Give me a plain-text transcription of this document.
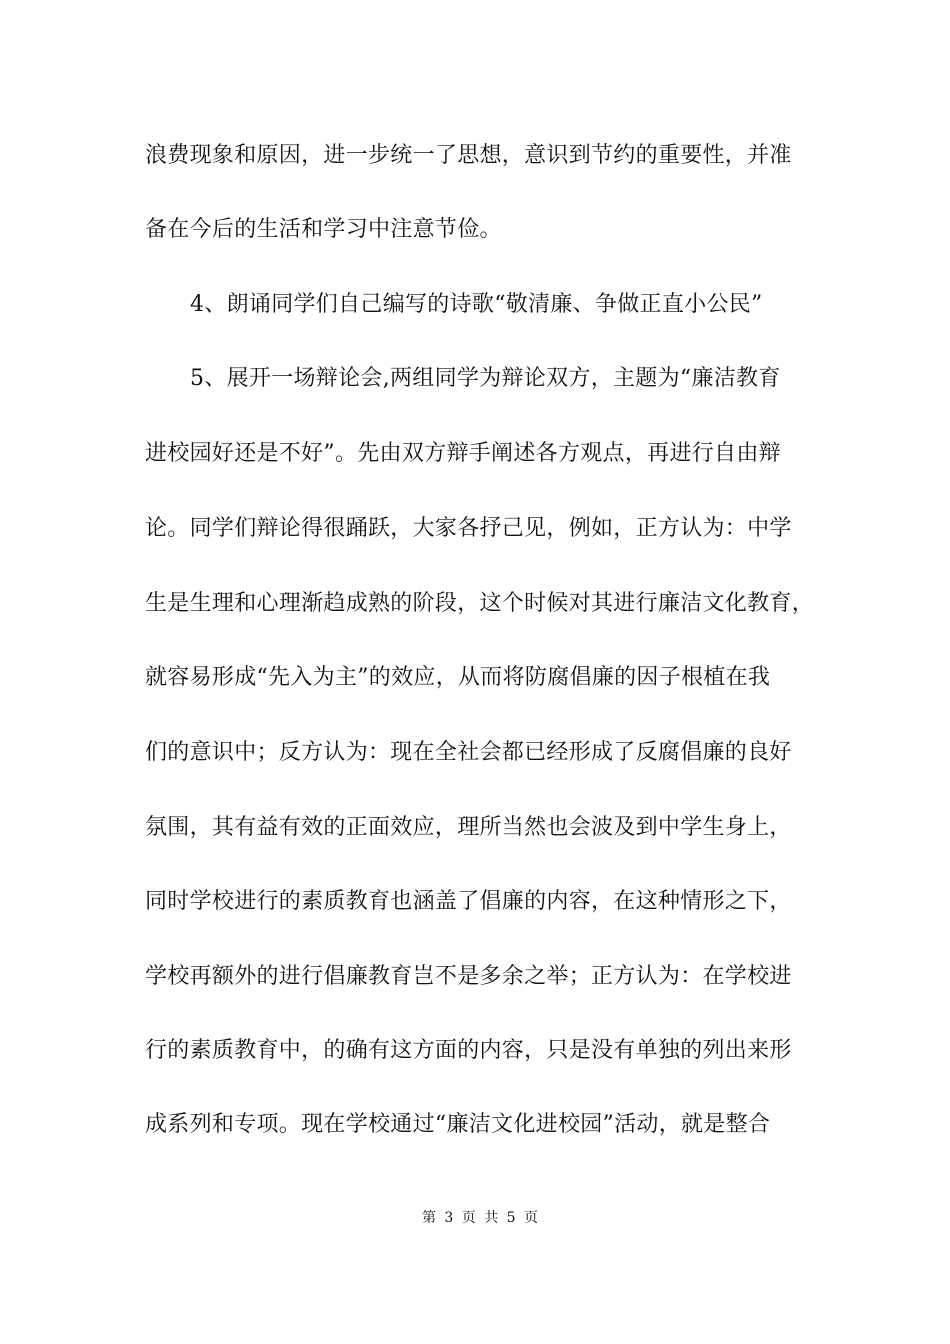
浪费现象和原因，进一步统一了思想，意识到节约的重要性，并准
备在今后的生活和学习中注意节俭。
4、朗诵同学们自己编写的诗歌“敬清廉、争做正直小公民”
5、展开一场辩论会,两组同学为辩论双方，主题为“廉洁教育
进校园好还是不好”。先由双方辩手阐述各方观点，再进行自由辩
论。同学们辩论得很踊跃，大家各抒己见，例如，正方认为：中学
生是生理和心理渐趋成熟的阶段，这个时候对其进行廉洁文化教育，
就容易形成“先入为主”的效应，从而将防腐倡廉的因子根植在我
们的意识中；反方认为：现在全社会都已经形成了反腐倡廉的良好
氛围，其有益有效的正面效应，理所当然也会波及到中学生身上，
同时学校进行的素质教育也涵盖了倡廉的内容，在这种情形之下，
学校再额外的进行倡廉教育岂不是多余之举；正方认为：在学校进
行的素质教育中，的确有这方面的内容，只是没有单独的列出来形
成系列和专项。现在学校通过“廉洁文化进校园”活动，就是整合
第 3 页 共 5 页
